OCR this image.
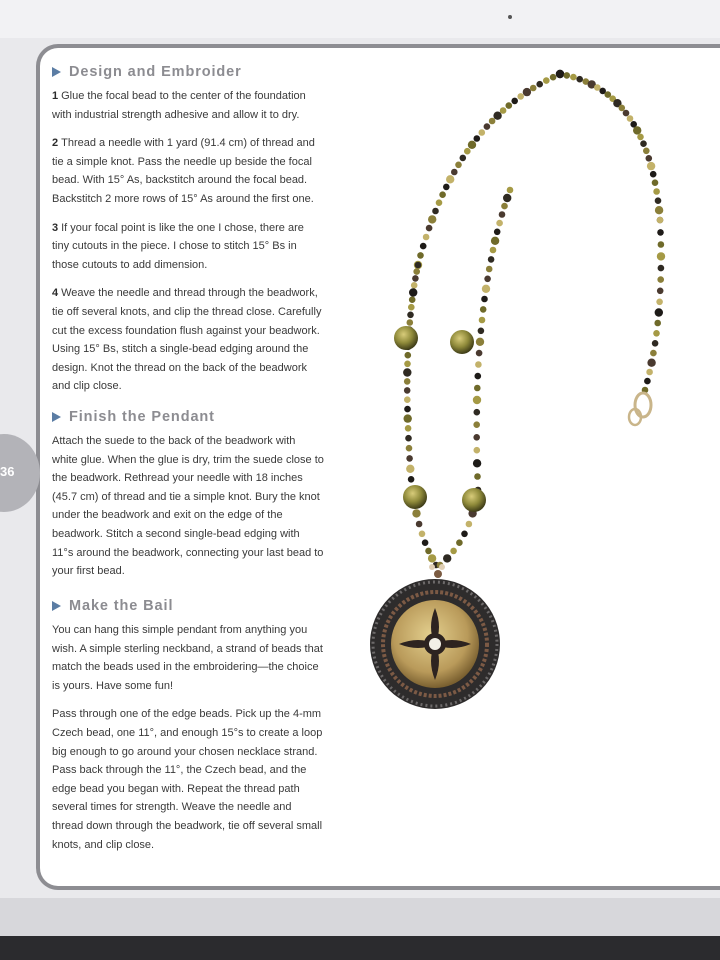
36
Design and Embroider

1 Glue the focal bead to the center of the foundation with industrial strength adhesive and allow it to dry.

2 Thread a needle with 1 yard (91.4 cm) of thread and tie a simple knot. Pass the needle up beside the focal bead. With 15° As, backstitch around the focal bead. Backstitch 2 more rows of 15° As around the first one.

3 If your focal point is like the one I chose, there are tiny cutouts in the piece. I chose to stitch 15° Bs in those cutouts to add dimension.

4 Weave the needle and thread through the beadwork, tie off several knots, and clip the thread close. Carefully cut the excess foundation flush against your beadwork. Using 15° Bs, stitch a single-bead edging around the design. Knot the thread on the back of the beadwork and clip close.

Finish the Pendant

Attach the suede to the back of the beadwork with white glue. When the glue is dry, trim the suede close to the beadwork. Rethread your needle with 18 inches (45.7 cm) of thread and tie a simple knot. Bury the knot under the beadwork and exit on the edge of the beadwork. Stitch a second single-bead edging with 11°s around the beadwork, connecting your last bead to your first bead.

Make the Bail

You can hang this simple pendant from anything you wish. A simple sterling neckband, a strand of beads that match the beads used in the embroidering—the choice is yours. Have some fun!

Pass through one of the edge beads. Pick up the 4-mm Czech bead, one 11°, and enough 15°s to create a loop big enough to go around your chosen necklace strand. Pass back through the 11°, the Czech bead, and the edge bead you began with. Repeat the thread path several times for strength. Weave the needle and thread down through the beadwork, tie off several small knots, and clip close.
